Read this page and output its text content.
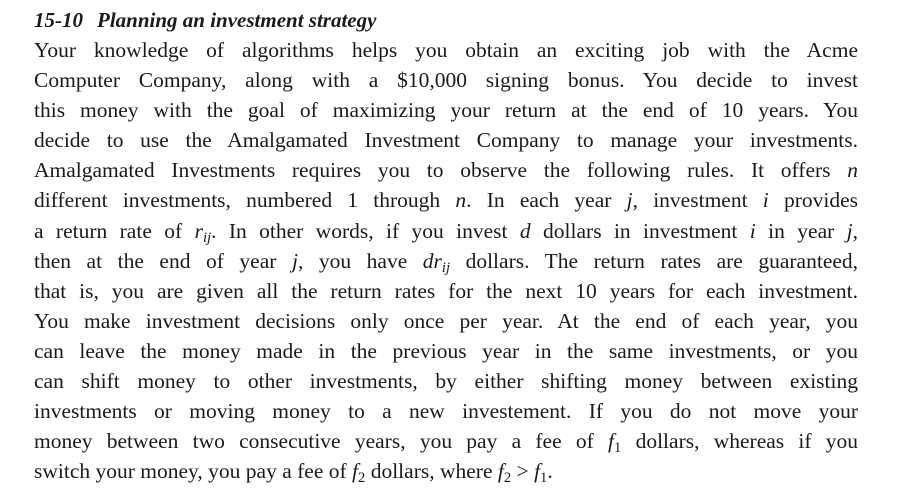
15-10 Planning an investment strategy
Your knowledge of algorithms helps you obtain an exciting job with the Acme
Computer Company, along with a $10,000 signing bonus. You decide to invest
this money with the goal of maximizing your return at the end of 10 years. You
decide to use the Amalgamated Investment Company to manage your investments.
Amalgamated Investments requires you to observe the following rules. It offers n
different investments, numbered 1 through n. In each year j, investment i provides
a return rate of $r_{ij}$. In other words, if you invest d dollars in investment i in year j,
then at the end of year j, you have $dr_{ij}$ dollars. The return rates are guaranteed,
that is, you are given all the return rates for the next 10 years for each investment.
You make investment decisions only once per year. At the end of each year, you
can leave the money made in the previous year in the same investments, or you
can shift money to other investments, by either shifting money between existing
investments or moving money to a new investement. If you do not move your
money between two consecutive years, you pay a fee of $f_1$ dollars, whereas if you
switch your money, you pay a fee of $f_2$ dollars, where $f_2 > f_1$.
